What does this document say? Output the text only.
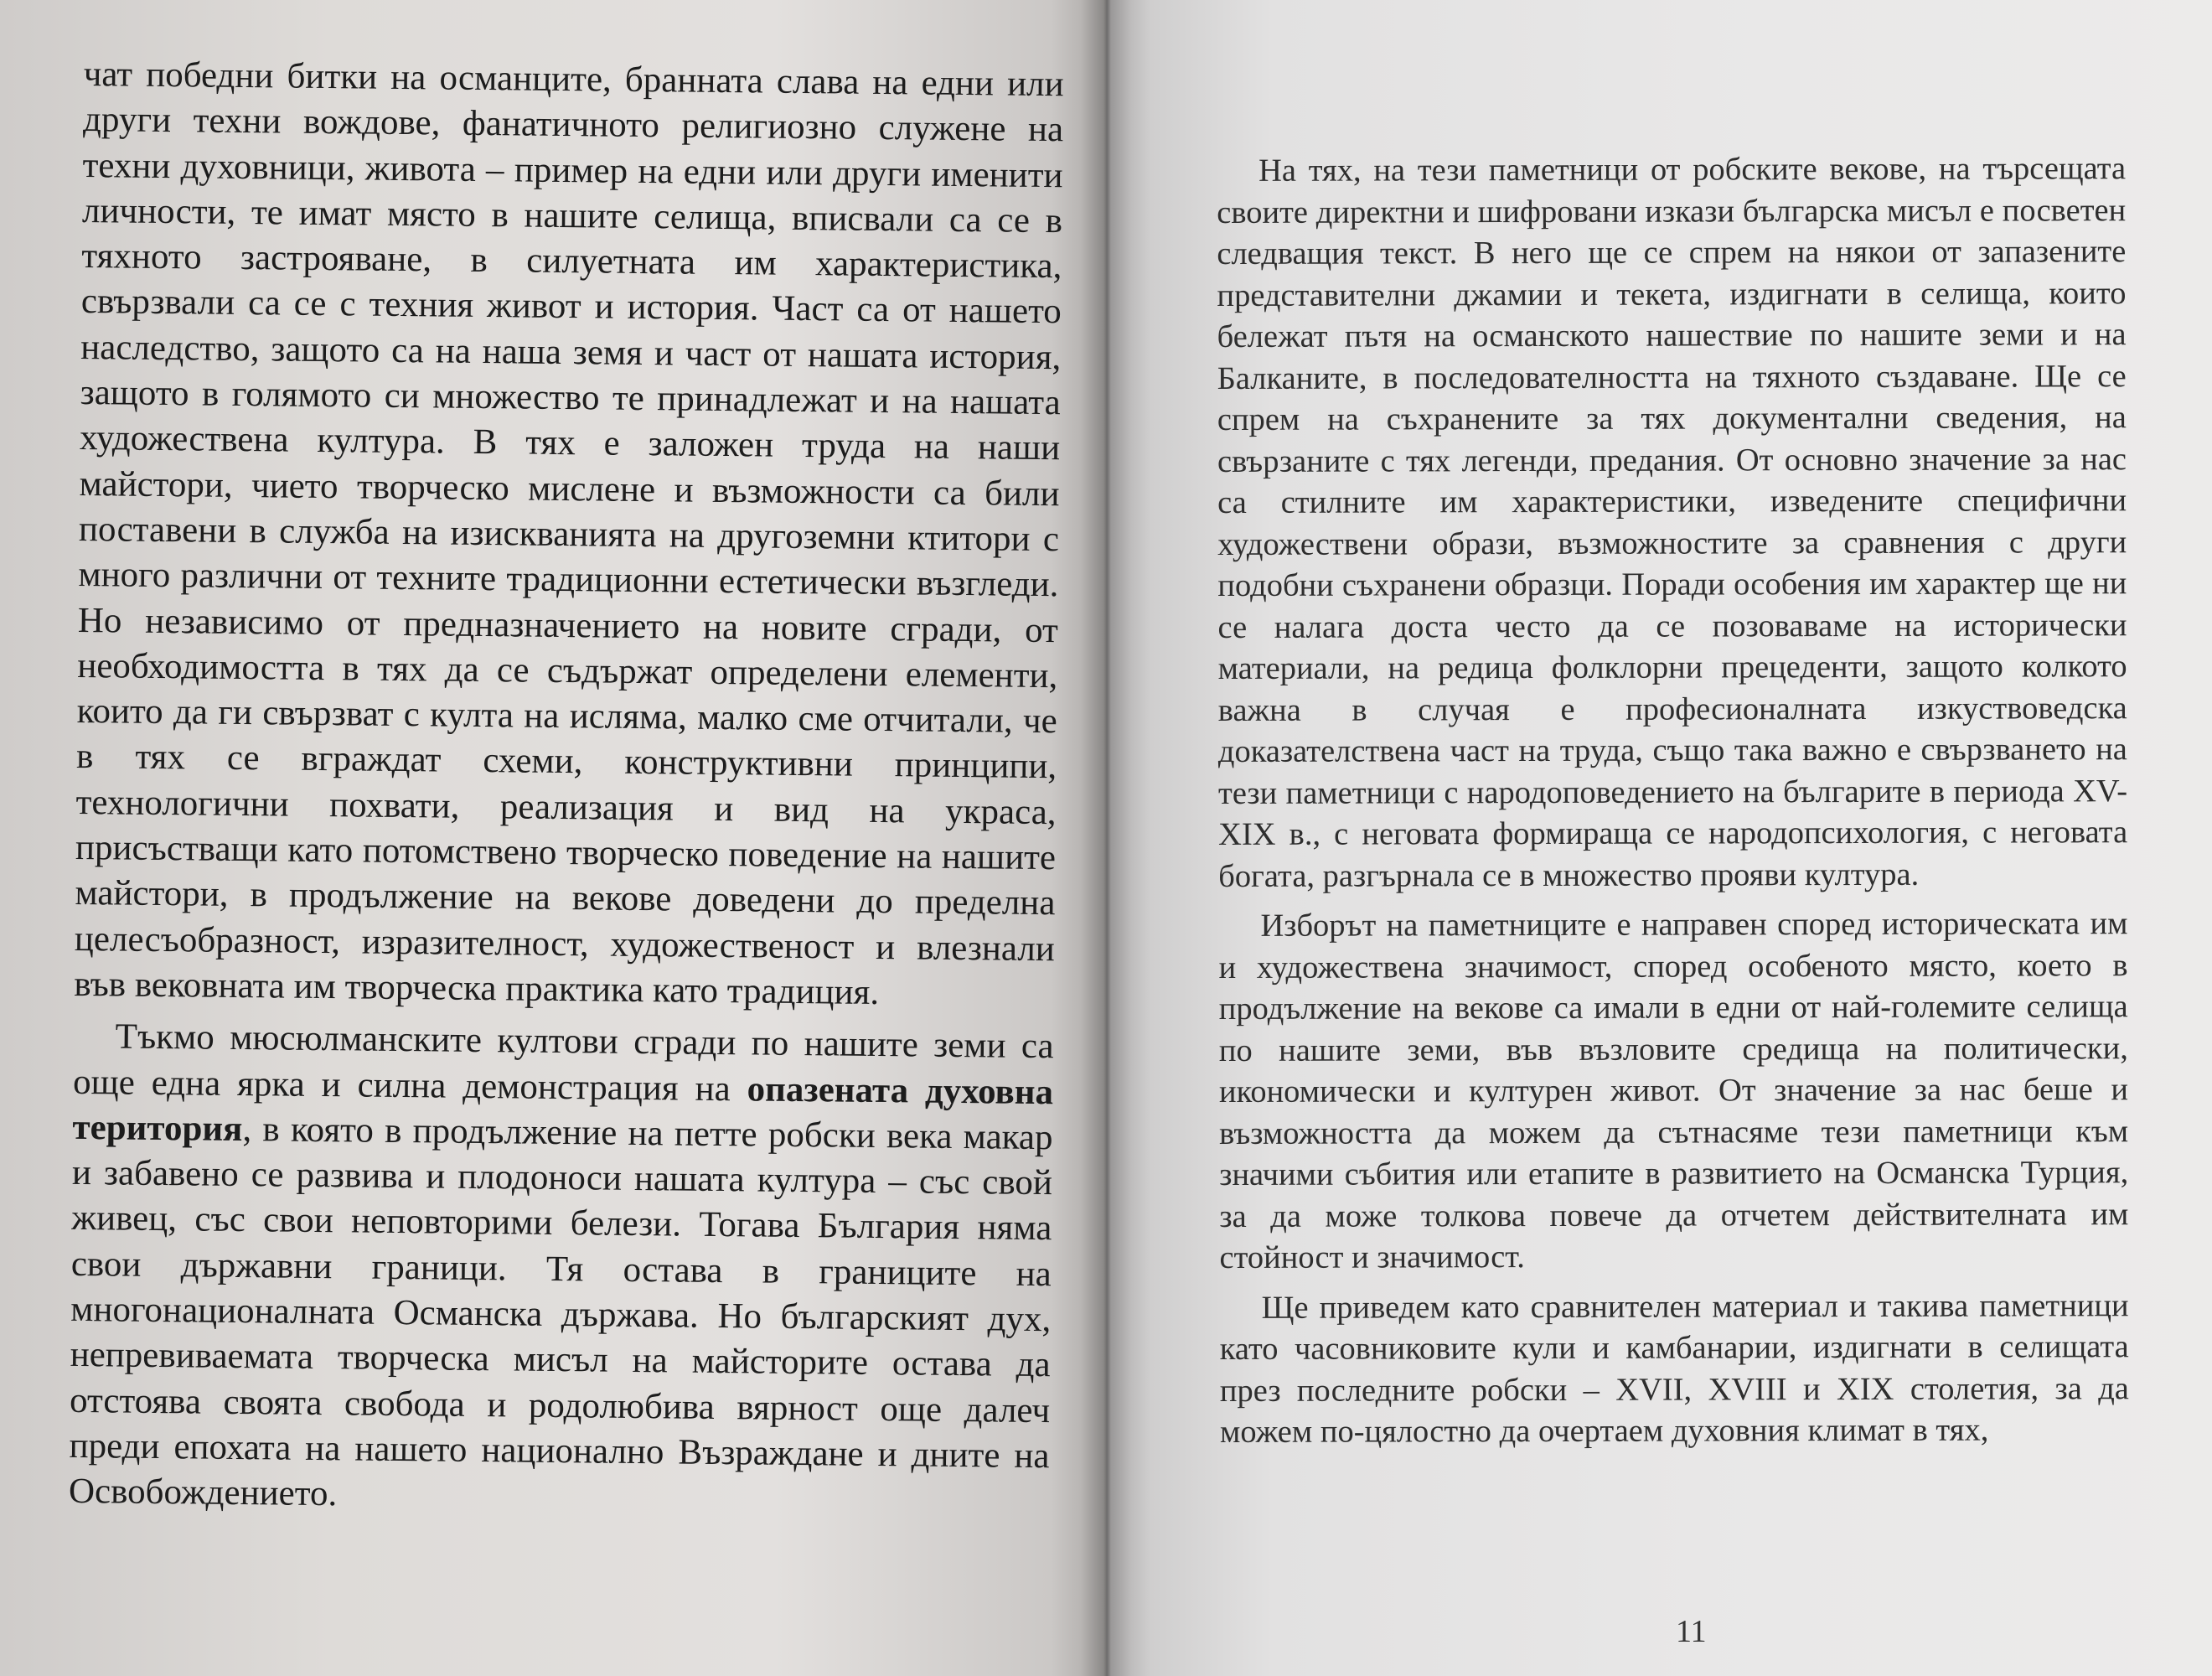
чат победни битки на османците, бранната слава на едни или други техни вождове, фанатичното религиозно служене на техни духовници, живота – пример на едни или други именити личности, те имат място в нашите селища, вписвали са се в тяхното застрояване, в силуетната им характеристика, свързвали са се с техния живот и история. Част са от нашето наследство, защото са на наша земя и част от нашата история, защото в голямото си множество те принадлежат и на нашата художествена култура. В тях е заложен труда на наши майстори, чието творческо мислене и възможности са били поставени в служба на изискванията на другоземни ктитори с много различни от техните традиционни естетически възгледи. Но независимо от предназначението на новите сгради, от необходимостта в тях да се съдържат определени елементи, които да ги свързват с култа на исляма, малко сме отчитали, че в тях се вграждат схеми, конструктивни принципи, технологични похвати, реализация и вид на украса, присъстващи като потомствено творческо поведение на нашите майстори, в продължение на векове доведени до пределна целесъобразност, изразителност, художественост и влезнали във вековната им творческа практика като традиция.

Тъкмо мюсюлманските култови сгради по нашите земи са още една ярка и силна демонстрация на опазената духовна територия, в която в продължение на петте робски века макар и забавено се развива и плодоноси нашата култура – със свой живец, със свои неповторими белези. Тогава България няма свои държавни граници. Тя остава в границите на многонационалната Османска държава. Но българският дух, непревиваемата творческа мисъл на майсторите остава да отстоява своята свобода и родолюбива вярност още далеч преди епохата на нашето национално Възраждане и дните на Освобождението.

На тях, на тези паметници от робските векове, на търсещата своите директни и шифровани изкази българска мисъл е посветен следващия текст. В него ще се спрем на някои от запазените представителни джамии и текета, издигнати в селища, които бележат пътя на османското нашествие по нашите земи и на Балканите, в последователността на тяхното създаване. Ще се спрем на съхранените за тях документални сведения, на свързаните с тях легенди, предания. От основно значение за нас са стилните им характеристики, изведените специфични художествени образи, възможностите за сравнения с други подобни съхранени образци. Поради особения им характер ще ни се налага доста често да се позоваваме на исторически материали, на редица фолклорни прецеденти, защото колкото важна в случая е професионалната изкуствоведска доказателствена част на труда, също така важно е свързването на тези паметници с народоповедението на българите в периода XV-XIX в., с неговата формираща се народопсихология, с неговата богата, разгърнала се в множество прояви култура.

Изборът на паметниците е направен според историческата им и художествена значимост, според особеното място, което в продължение на векове са имали в едни от най-големите селища по нашите земи, във възловите средища на политически, икономически и културен живот. От значение за нас беше и възможността да можем да сътнасяме тези паметници към значими събития или етапите в развитието на Османска Турция, за да може толкова повече да отчетем действителната им стойност и значимост.

Ще приведем като сравнителен материал и такива паметници като часовниковите кули и камбанарии, издигнати в селищата през последните робски – XVII, XVIII и XIX столетия, за да можем по-цялостно да очертаем духовния климат в тях,

11
